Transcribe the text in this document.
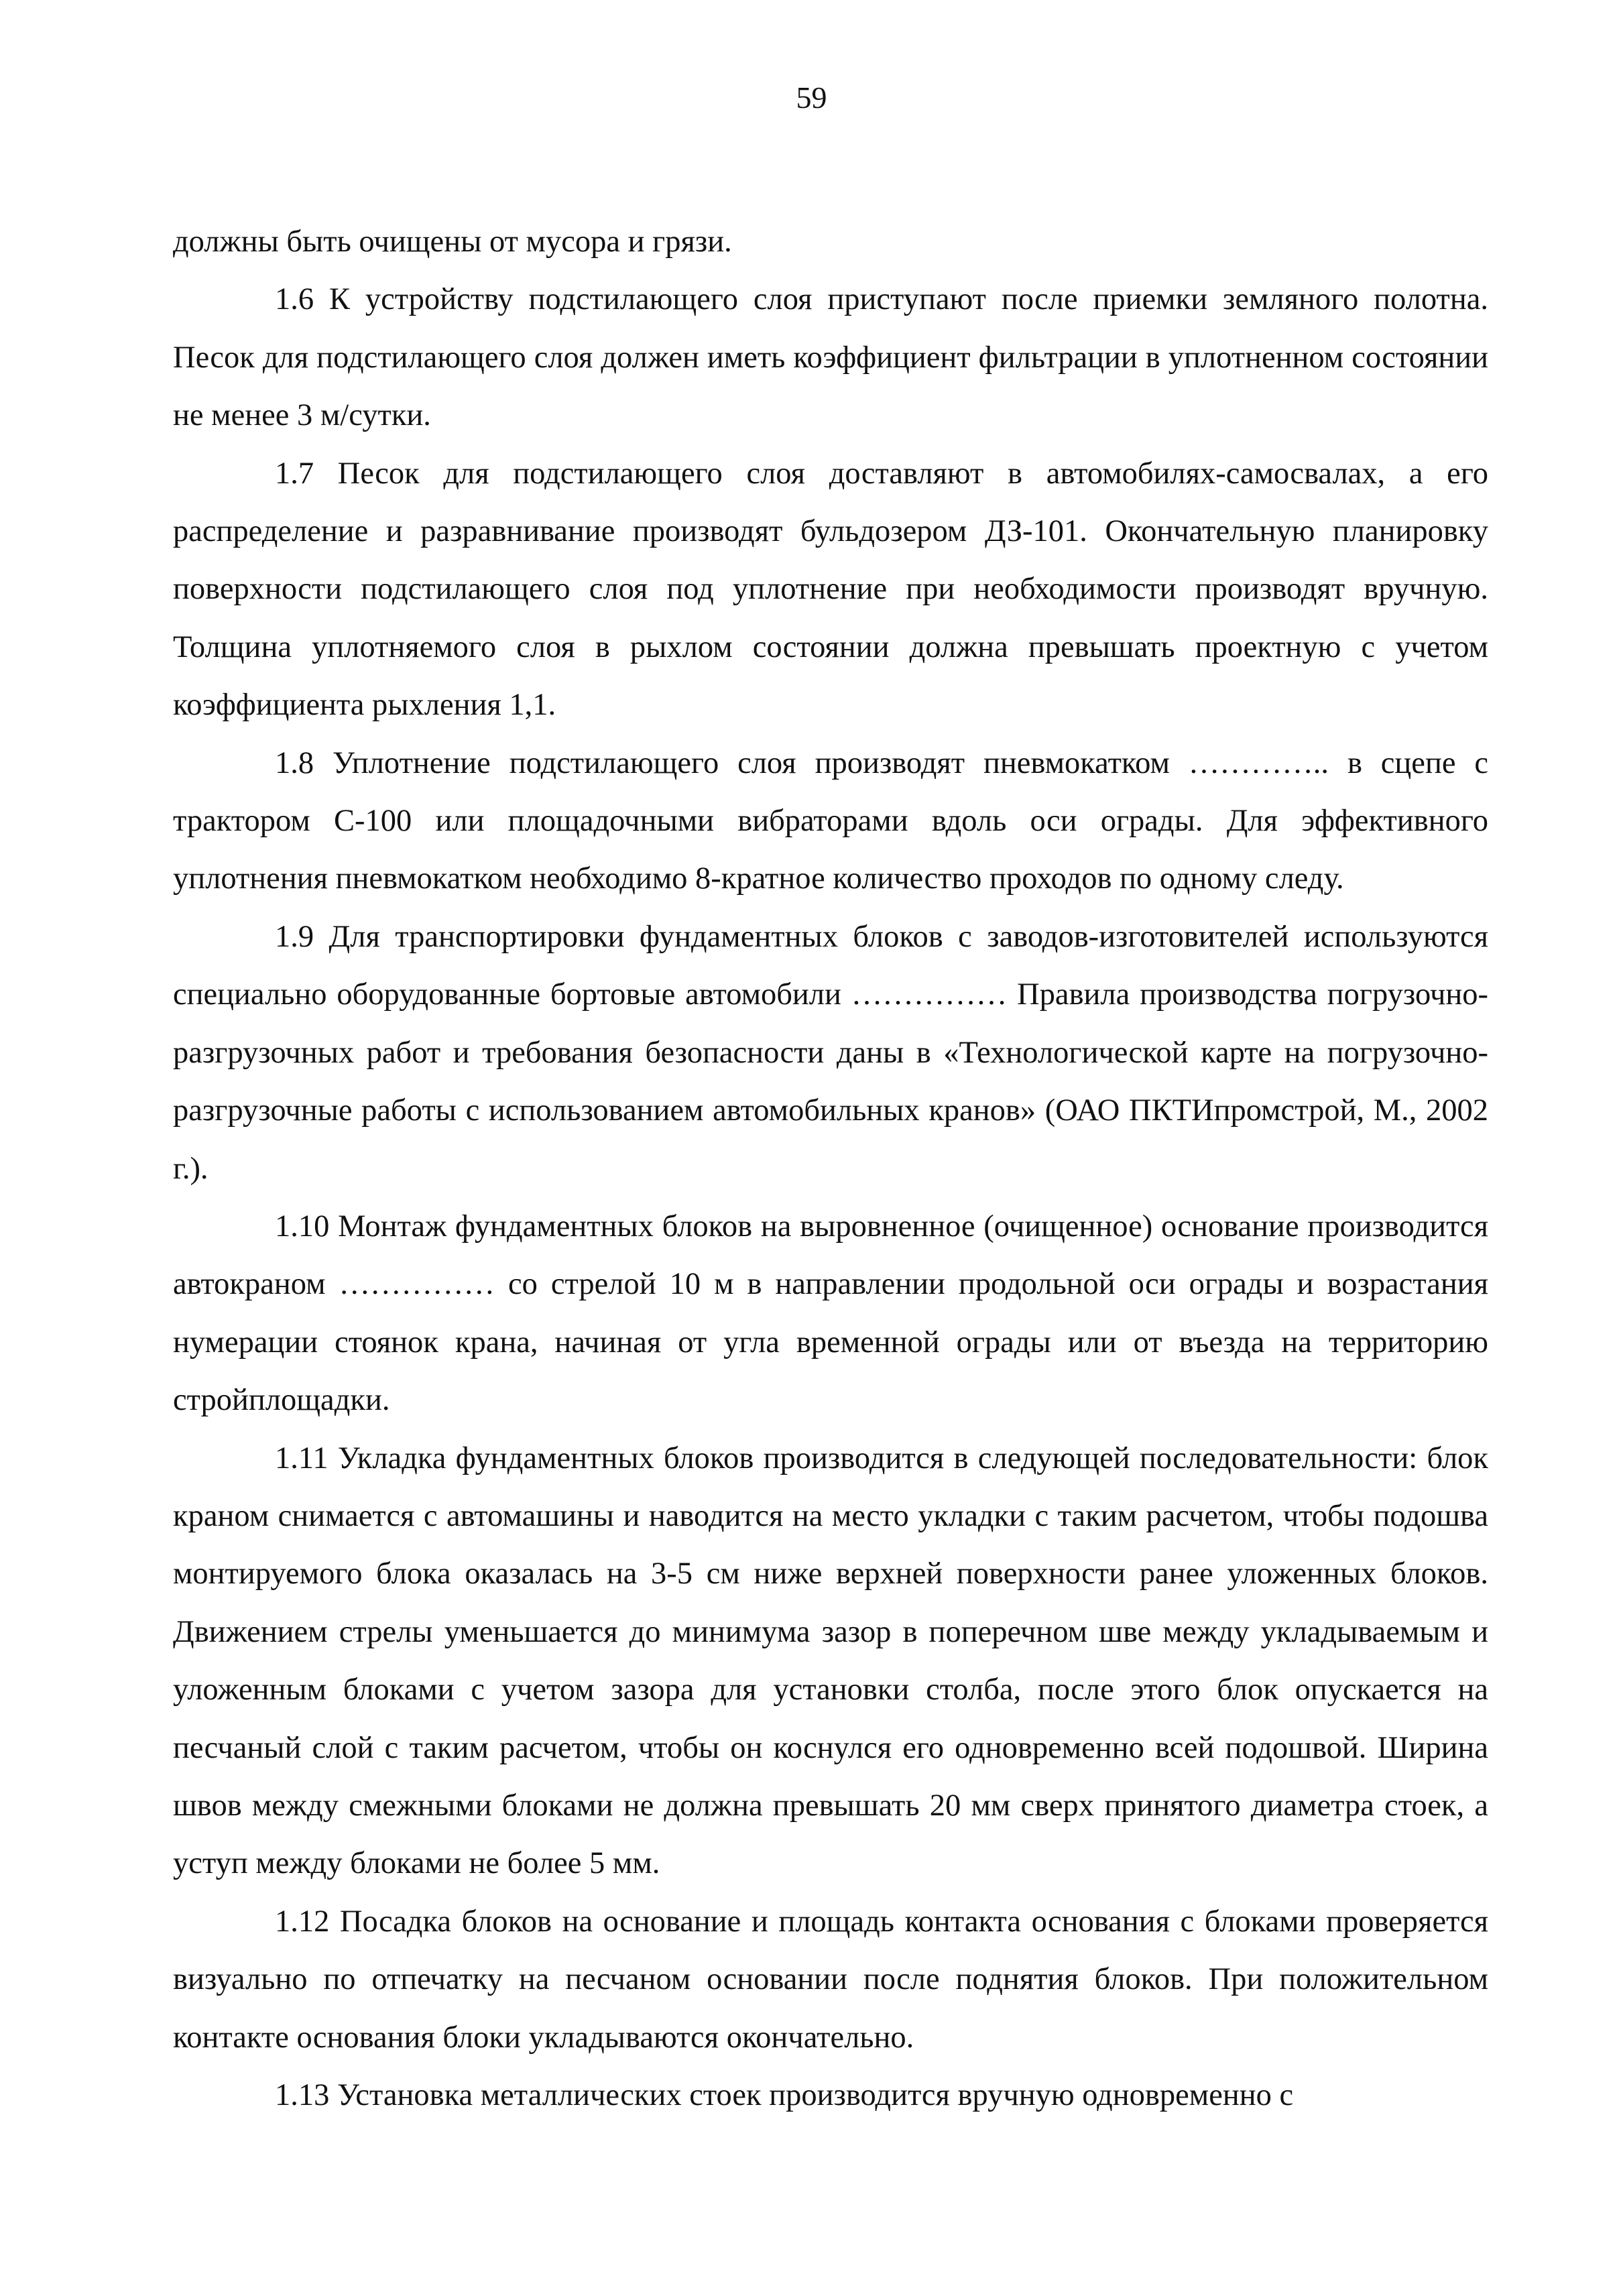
59

должны быть очищены от мусора и грязи.

1.6 К устройству подстилающего слоя приступают после приемки земляного полотна. Песок для подстилающего слоя должен иметь коэффициент фильтрации в уплотненном состоянии не менее 3 м/сутки.

1.7 Песок для подстилающего слоя доставляют в автомобилях-самосвалах, а его распределение и разравнивание производят бульдозером ДЗ-101. Окончательную планировку поверхности подстилающего слоя под уплотнение при необходимости производят вручную. Толщина уплотняемого слоя в рыхлом состоянии должна превышать проектную с учетом коэффициента рыхления 1,1.

1.8 Уплотнение подстилающего слоя производят пневмокатком ………….. в сцепе с трактором С-100 или площадочными вибраторами вдоль оси ограды. Для эффективного уплотнения пневмокатком необходимо 8-кратное количество проходов по одному следу.

1.9 Для транспортировки фундаментных блоков с заводов-изготовителей используются специально оборудованные бортовые автомобили …………… Правила производства погрузочно-разгрузочных работ и требования безопасности даны в «Технологической карте на погрузочно-разгрузочные работы с использованием автомобильных кранов» (ОАО ПКТИпромстрой, М., 2002 г.).

1.10 Монтаж фундаментных блоков на выровненное (очищенное) основание производится автокраном …………… со стрелой 10 м в направлении продольной оси ограды и возрастания нумерации стоянок крана, начиная от угла временной ограды или от въезда на территорию стройплощадки.

1.11 Укладка фундаментных блоков производится в следующей последовательности: блок краном снимается с автомашины и наводится на место укладки с таким расчетом, чтобы подошва монтируемого блока оказалась на 3-5 см ниже верхней поверхности ранее уложенных блоков. Движением стрелы уменьшается до минимума зазор в поперечном шве между укладываемым и уложенным блоками с учетом зазора для установки столба, после этого блок опускается на песчаный слой с таким расчетом, чтобы он коснулся его одновременно всей подошвой. Ширина швов между смежными блоками не должна превышать 20 мм сверх принятого диаметра стоек, а уступ между блоками не более 5 мм.

1.12 Посадка блоков на основание и площадь контакта основания с блоками проверяется визуально по отпечатку на песчаном основании после поднятия блоков. При положительном контакте основания блоки укладываются окончательно.

1.13 Установка металлических стоек производится вручную одновременно с
